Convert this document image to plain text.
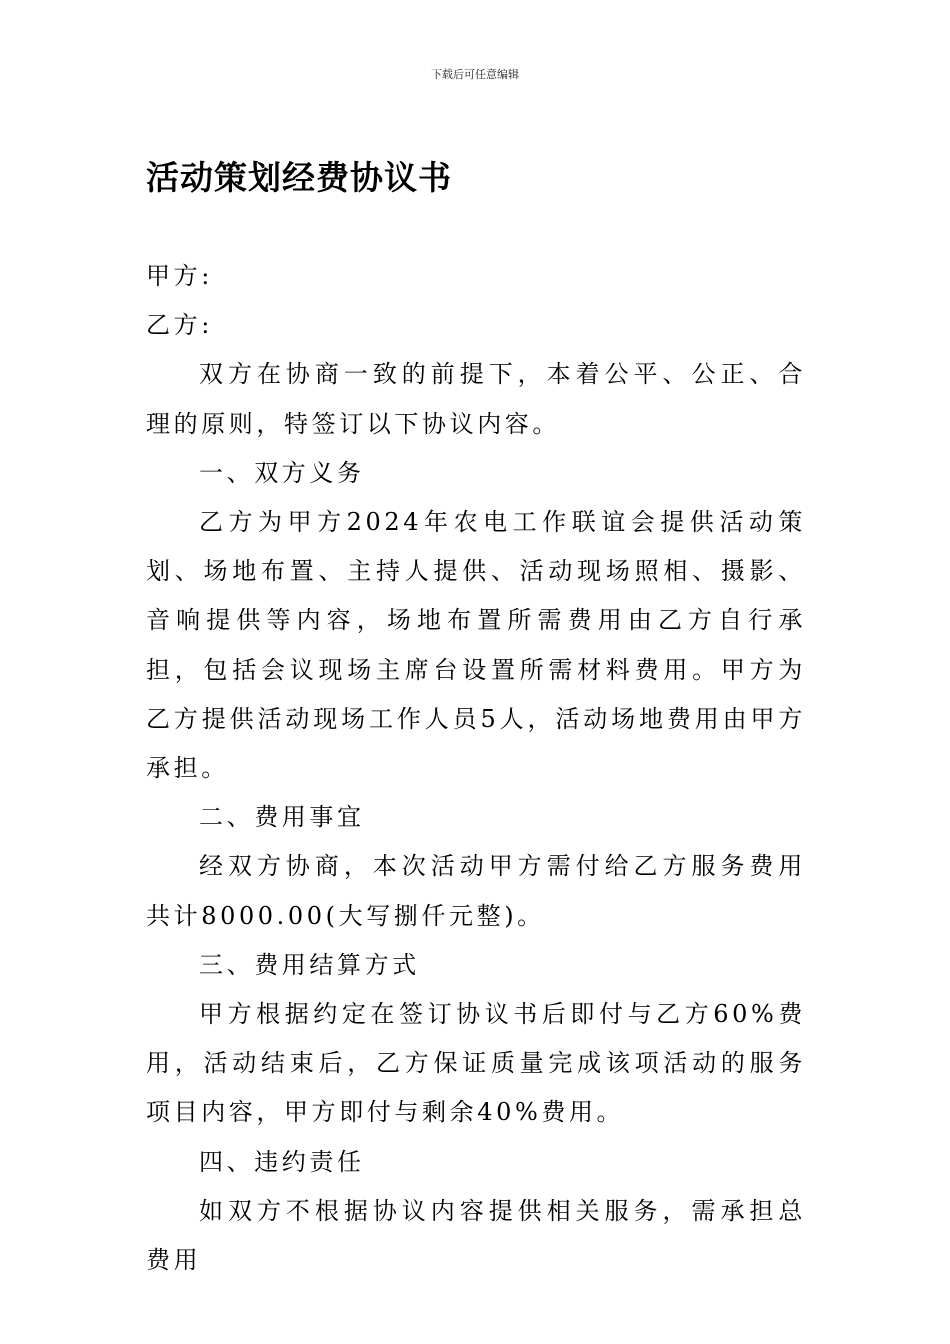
下载后可任意编辑
活动策划经费协议书

甲方:

乙方:

双方在协商一致的前提下，本着公平、公正、合理的原则，特签订以下协议内容。

一、双方义务

乙方为甲方2024年农电工作联谊会提供活动策划、场地布置、主持人提供、活动现场照相、摄影、音响提供等内容，场地布置所需费用由乙方自行承担，包括会议现场主席台设置所需材料费用。甲方为乙方提供活动现场工作人员5人，活动场地费用由甲方承担。

二、费用事宜

经双方协商，本次活动甲方需付给乙方服务费用共计8000.00(大写捌仟元整)。

三、费用结算方式

甲方根据约定在签订协议书后即付与乙方60%费用，活动结束后，乙方保证质量完成该项活动的服务项目内容，甲方即付与剩余40%费用。

四、违约责任

如双方不根据协议内容提供相关服务，需承担总费用
